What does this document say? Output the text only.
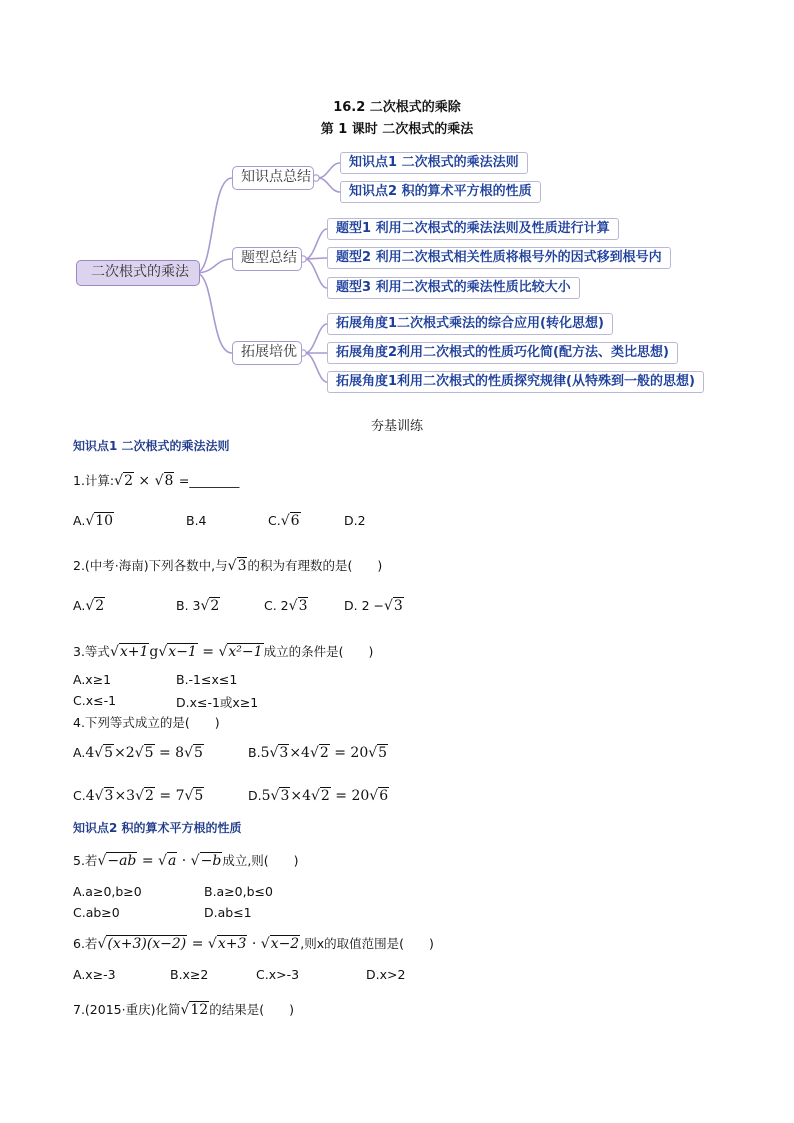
16.2 二次根式的乘除
第 1 课时 二次根式的乘法
二次根式的乘法
知识点总结
题型总结
拓展培优
知识点1 二次根式的乘法法则
知识点2 积的算术平方根的性质
题型1 利用二次根式的乘法法则及性质进行计算
题型2 利用二次根式相关性质将根号外的因式移到根号内
题型3 利用二次根式的乘法性质比较大小
拓展角度1二次根式乘法的综合应用(转化思想)
拓展角度2利用二次根式的性质巧化简(配方法、类比思想)
拓展角度1利用二次根式的性质探究规律(从特殊到一般的思想)
夯基训练
知识点1 二次根式的乘法法则
1.计算:√2 × √8 =________
A.√10	B.4	C.√6	D.2
2.(中考·海南)下列各数中,与√3的积为有理数的是(　　)
A.√2	B. 3√2	C. 2√3	D. 2 −√3
3.等式√x+1g√x−1 = √x²−1成立的条件是(　　)
A.x≥1	B.-1≤x≤1
C.x≤-1	D.x≤-1或x≥1
4.下列等式成立的是(　　)
A.4√5×2√5 = 8√5	B.5√3×4√2 = 20√5
C.4√3×3√2 = 7√5	D.5√3×4√2 = 20√6
知识点2 积的算术平方根的性质
5.若√−ab = √a · √−b成立,则(　　)
A.a≥0,b≥0	B.a≥0,b≤0
C.ab≥0	D.ab≤1
6.若√(x+3)(x−2) = √x+3 · √x−2,则x的取值范围是(　　)
A.x≥-3	B.x≥2	C.x>-3	D.x>2
7.(2015·重庆)化简√12的结果是(　　)
